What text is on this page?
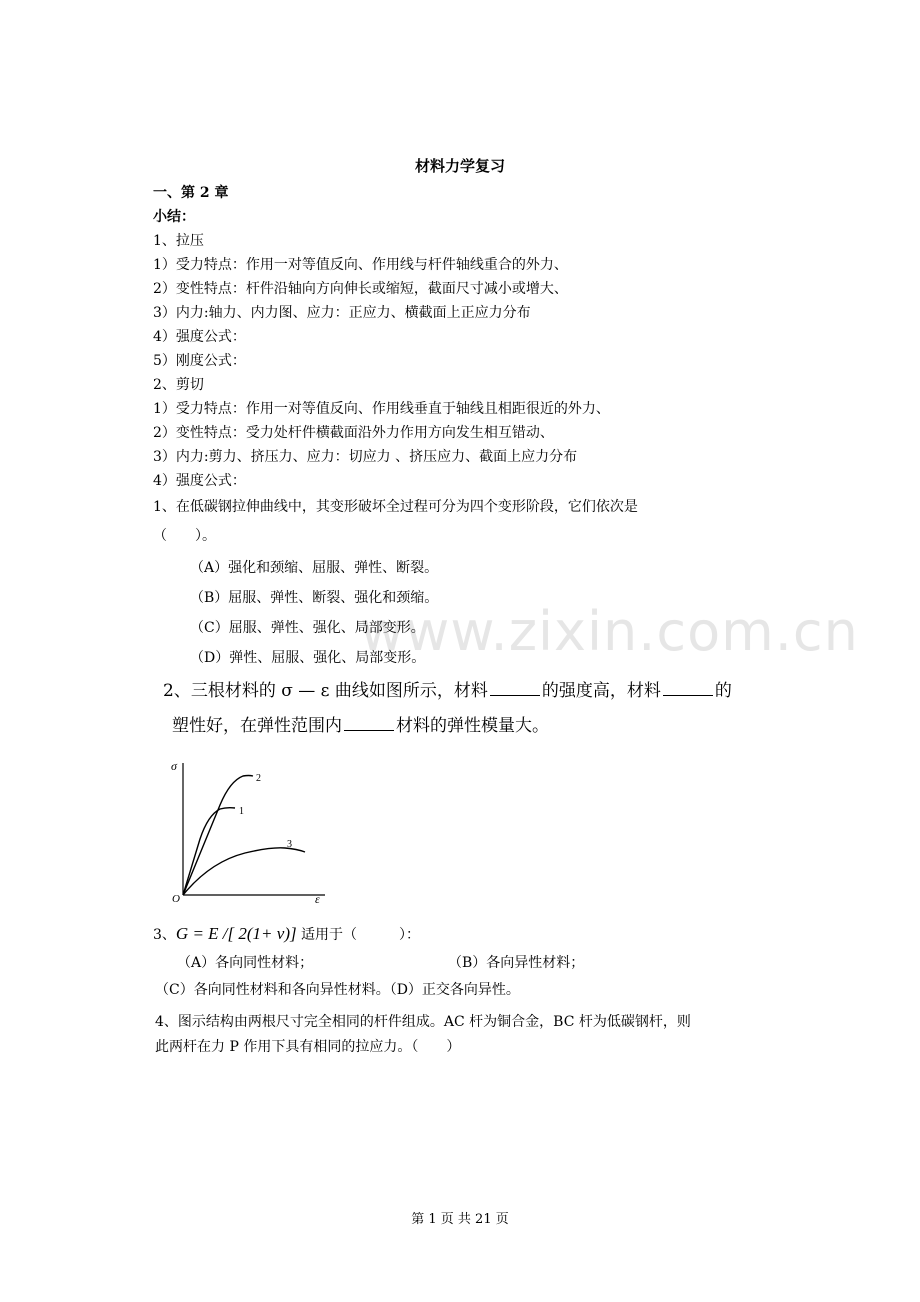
www.zixin.com.cn
材料力学复习
一、第 2 章
小结：
1、拉压
1）受力特点：作用一对等值反向、作用线与杆件轴线重合的外力、
2）变性特点：杆件沿轴向方向伸长或缩短，截面尺寸减小或增大、
3）内力:轴力、内力图、应力：正应力、横截面上正应力分布
4）强度公式：
5）刚度公式：
2、剪切
1）受力特点：作用一对等值反向、作用线垂直于轴线且相距很近的外力、
2）变性特点：受力处杆件横截面沿外力作用方向发生相互错动、
3）内力:剪力、挤压力、应力：切应力 、挤压应力、截面上应力分布
4）强度公式：
1、在低碳钢拉伸曲线中，其变形破坏全过程可分为四个变形阶段，它们依次是
（　　）。
（A）强化和颈缩、屈服、弹性、断裂。
（B）屈服、弹性、断裂、强化和颈缩。
（C）屈服、弹性、强化、局部变形。
（D）弹性、屈服、强化、局部变形。
2、三根材料的 σ — ε 曲线如图所示，材料	的强度高，材料	的
塑性好，在弹性范围内	材料的弹性模量大。
σ
ε
O
1
2
3
3、G = E /[ 2(1+ ν)] 适用于（　　　）：
（A）各向同性材料；	（B）各向异性材料；
（C）各向同性材料和各向异性材料。（D）正交各向异性。
4、图示结构由两根尺寸完全相同的杆件组成。AC 杆为铜合金，BC 杆为低碳钢杆，则
此两杆在力 P 作用下具有相同的拉应力。（　　）
第 1 页 共 21 页
